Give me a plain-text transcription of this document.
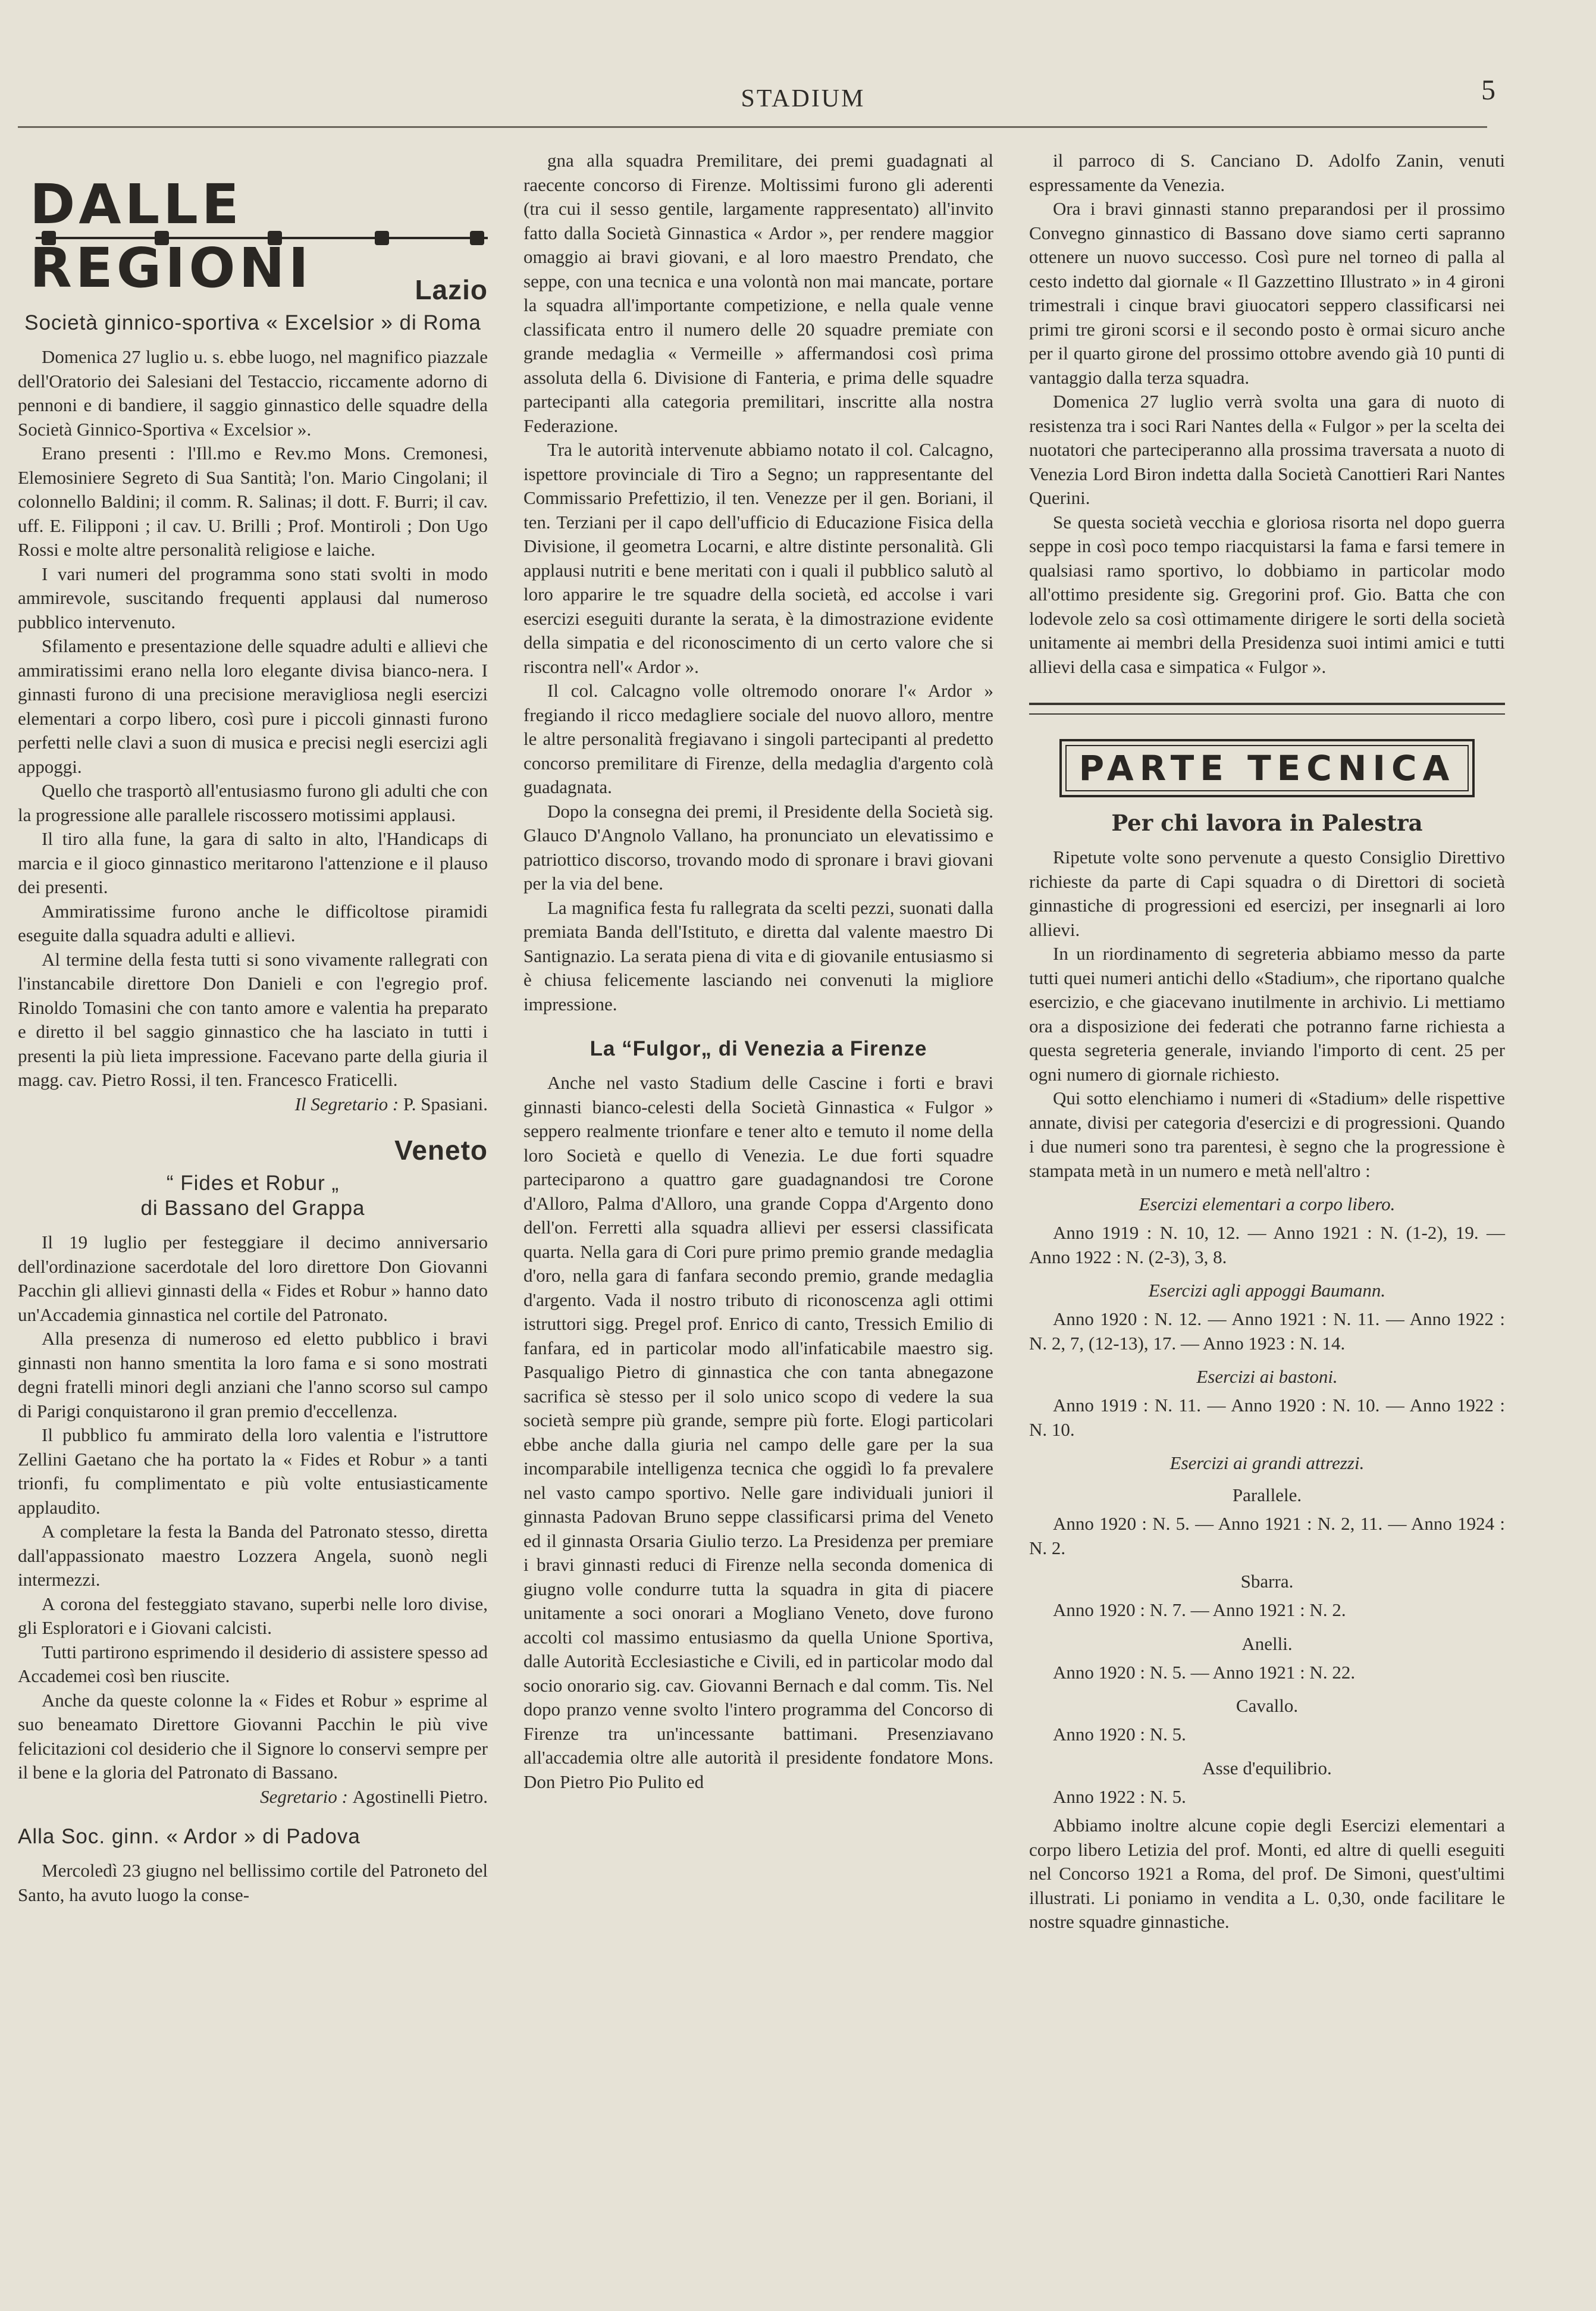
STADIUM	5
DALLE REGIONI	Lazio
Società ginnico-sportiva « Excelsior » di Roma

Domenica 27 luglio u. s. ebbe luogo, nel magnifico piazzale dell'Oratorio dei Salesiani del Testaccio, riccamente adorno di pennoni e di bandiere, il saggio ginnastico delle squadre della Società Ginnico-Sportiva « Excelsior ».

Erano presenti : l'Ill.mo e Rev.mo Mons. Cremonesi, Elemosiniere Segreto di Sua Santità; l'on. Mario Cingolani; il colonnello Baldini; il comm. R. Salinas; il dott. F. Burri; il cav. uff. E. Filipponi ; il cav. U. Brilli ; Prof. Montiroli ; Don Ugo Rossi e molte altre personalità religiose e laiche.

I vari numeri del programma sono stati svolti in modo ammirevole, suscitando frequenti applausi dal numeroso pubblico intervenuto.

Sfilamento e presentazione delle squadre adulti e allievi che ammiratissimi erano nella loro elegante divisa bianco-nera. I ginnasti furono di una precisione meravigliosa negli esercizi elementari a corpo libero, così pure i piccoli ginnasti furono perfetti nelle clavi a suon di musica e precisi negli esercizi agli appoggi.

Quello che trasportò all'entusiasmo furono gli adulti che con la progressione alle parallele riscossero motissimi applausi.

Il tiro alla fune, la gara di salto in alto, l'Handicaps di marcia e il gioco ginnastico meritarono l'attenzione e il plauso dei presenti.

Ammiratissime furono anche le difficoltose piramidi eseguite dalla squadra adulti e allievi.

Al termine della festa tutti si sono vivamente rallegrati con l'instancabile direttore Don Danieli e con l'egregio prof. Rinoldo Tomasini che con tanto amore e valentia ha preparato e diretto il bel saggio ginnastico che ha lasciato in tutti i presenti la più lieta impressione. Facevano parte della giuria il magg. cav. Pietro Rossi, il ten. Francesco Fraticelli.

Il Segretario : P. Spasiani.

Veneto
“ Fides et Robur „
di Bassano del Grappa

Il 19 luglio per festeggiare il decimo anniversario dell'ordinazione sacerdotale del loro direttore Don Giovanni Pacchin gli allievi ginnasti della « Fides et Robur » hanno dato un'Accademia ginnastica nel cortile del Patronato.

Alla presenza di numeroso ed eletto pubblico i bravi ginnasti non hanno smentita la loro fama e si sono mostrati degni fratelli minori degli anziani che l'anno scorso sul campo di Parigi conquistarono il gran premio d'eccellenza.

Il pubblico fu ammirato della loro valentia e l'istruttore Zellini Gaetano che ha portato la « Fides et Robur » a tanti trionfi, fu complimentato e più volte entusiasticamente applaudito.

A completare la festa la Banda del Patronato stesso, diretta dall'appassionato maestro Lozzera Angela, suonò negli intermezzi.

A corona del festeggiato stavano, superbi nelle loro divise, gli Esploratori e i Giovani calcisti.

Tutti partirono esprimendo il desiderio di assistere spesso ad Accademei così ben riuscite.

Anche da queste colonne la « Fides et Robur » esprime al suo beneamato Direttore Giovanni Pacchin le più vive felicitazioni col desiderio che il Signore lo conservi sempre per il bene e la gloria del Patronato di Bassano.

Segretario : Agostinelli Pietro.

Alla Soc. ginn. « Ardor » di Padova

Mercoledì 23 giugno nel bellissimo cortile del Patroneto del Santo, ha avuto luogo la conse-

gna alla squadra Premilitare, dei premi guadagnati al raecente concorso di Firenze. Moltissimi furono gli aderenti (tra cui il sesso gentile, largamente rappresentato) all'invito fatto dalla Società Ginnastica « Ardor », per rendere maggior omaggio ai bravi giovani, e al loro maestro Prendato, che seppe, con una tecnica e una volontà non mai mancate, portare la squadra all'importante competizione, e nella quale venne classificata entro il numero delle 20 squadre premiate con grande medaglia « Vermeille » affermandosi così prima assoluta della 6. Divisione di Fanteria, e prima delle squadre partecipanti alla categoria premilitari, inscritte alla nostra Federazione.

Tra le autorità intervenute abbiamo notato il col. Calcagno, ispettore provinciale di Tiro a Segno; un rappresentante del Commissario Prefettizio, il ten. Venezze per il gen. Boriani, il ten. Terziani per il capo dell'ufficio di Educazione Fisica della Divisione, il geometra Locarni, e altre distinte personalità. Gli applausi nutriti e bene meritati con i quali il pubblico salutò al loro apparire le tre squadre della società, ed accolse i vari esercizi eseguiti durante la serata, è la dimostrazione evidente della simpatia e del riconoscimento di un certo valore che si riscontra nell'« Ardor ».

Il col. Calcagno volle oltremodo onorare l'« Ardor » fregiando il ricco medagliere sociale del nuovo alloro, mentre le altre personalità fregiavano i singoli partecipanti al predetto concorso premilitare di Firenze, della medaglia d'argento colà guadagnata.

Dopo la consegna dei premi, il Presidente della Società sig. Glauco D'Angnolo Vallano, ha pronunciato un elevatissimo e patriottico discorso, trovando modo di spronare i bravi giovani per la via del bene.

La magnifica festa fu rallegrata da scelti pezzi, suonati dalla premiata Banda dell'Istituto, e diretta dal valente maestro Di Santignazio. La serata piena di vita e di giovanile entusiasmo si è chiusa felicemente lasciando nei convenuti la migliore impressione.

La “Fulgor„ di Venezia a Firenze

Anche nel vasto Stadium delle Cascine i forti e bravi ginnasti bianco-celesti della Società Ginnastica « Fulgor » seppero realmente trionfare e tener alto e temuto il nome della loro Società e quello di Venezia. Le due forti squadre parteciparono a quattro gare guadagnandosi tre Corone d'Alloro, Palma d'Alloro, una grande Coppa d'Argento dono dell'on. Ferretti alla squadra allievi per essersi classificata quarta. Nella gara di Cori pure primo premio grande medaglia d'oro, nella gara di fanfara secondo premio, grande medaglia d'argento. Vada il nostro tributo di riconoscenza agli ottimi istruttori sigg. Pregel prof. Enrico di canto, Tressich Emilio di fanfara, ed in particolar modo all'infaticabile maestro sig. Pasqualigo Pietro di ginnastica che con tanta abnegazone sacrifica sè stesso per il solo unico scopo di vedere la sua società sempre più grande, sempre più forte. Elogi particolari ebbe anche dalla giuria nel campo delle gare per la sua incomparabile intelligenza tecnica che oggidì lo fa prevalere nel vasto campo sportivo. Nelle gare individuali juniori il ginnasta Padovan Bruno seppe classificarsi prima del Veneto ed il ginnasta Orsaria Giulio terzo. La Presidenza per premiare i bravi ginnasti reduci di Firenze nella seconda domenica di giugno volle condurre tutta la squadra in gita di piacere unitamente a soci onorari a Mogliano Veneto, dove furono accolti col massimo entusiasmo da quella Unione Sportiva, dalle Autorità Ecclesiastiche e Civili, ed in particolar modo dal socio onorario sig. cav. Giovanni Bernach e dal comm. Tis. Nel dopo pranzo venne svolto l'intero programma del Concorso di Firenze tra un'incessante battimani. Presenziavano all'accademia oltre alle autorità il presidente fondatore Mons. Don Pietro Pio Pulito ed

il parroco di S. Canciano D. Adolfo Zanin, venuti espressamente da Venezia.

Ora i bravi ginnasti stanno preparandosi per il prossimo Convegno ginnastico di Bassano dove siamo certi sapranno ottenere un nuovo successo. Così pure nel torneo di palla al cesto indetto dal giornale « Il Gazzettino Illustrato » in 4 gironi trimestrali i cinque bravi giuocatori seppero classificarsi nei primi tre gironi scorsi e il secondo posto è ormai sicuro anche per il quarto girone del prossimo ottobre avendo già 10 punti di vantaggio dalla terza squadra.

Domenica 27 luglio verrà svolta una gara di nuoto di resistenza tra i soci Rari Nantes della « Fulgor » per la scelta dei nuotatori che parteciperanno alla prossima traversata a nuoto di Venezia Lord Biron indetta dalla Società Canottieri Rari Nantes Querini.

Se questa società vecchia e gloriosa risorta nel dopo guerra seppe in così poco tempo riacquistarsi la fama e farsi temere in qualsiasi ramo sportivo, lo dobbiamo in particolar modo all'ottimo presidente sig. Gregorini prof. Gio. Batta che con lodevole zelo sa così ottimamente dirigere le sorti della società unitamente ai membri della Presidenza suoi intimi amici e tutti allievi della casa e simpatica « Fulgor ».

PARTE TECNICA
Per chi lavora in Palestra

Ripetute volte sono pervenute a questo Consiglio Direttivo richieste da parte di Capi squadra o di Direttori di società ginnastiche di progressioni ed esercizi, per insegnarli ai loro allievi.

In un riordinamento di segreteria abbiamo messo da parte tutti quei numeri antichi dello «Stadium», che riportano qualche esercizio, e che giacevano inutilmente in archivio. Li mettiamo ora a disposizione dei federati che potranno farne richiesta a questa segreteria generale, inviando l'importo di cent. 25 per ogni numero di giornale richiesto.

Qui sotto elenchiamo i numeri di «Stadium» delle rispettive annate, divisi per categoria d'esercizi e di progressioni. Quando i due numeri sono tra parentesi, è segno che la progressione è stampata metà in un numero e metà nell'altro :

Esercizi elementari a corpo libero.

Anno 1919 : N. 10, 12. — Anno 1921 : N. (1-2), 19. — Anno 1922 : N. (2-3), 3, 8.

Esercizi agli appoggi Baumann.

Anno 1920 : N. 12. — Anno 1921 : N. 11. — Anno 1922 : N. 2, 7, (12-13), 17. — Anno 1923 : N. 14.

Esercizi ai bastoni.

Anno 1919 : N. 11. — Anno 1920 : N. 10. — Anno 1922 : N. 10.

Esercizi ai grandi attrezzi.
Parallele.

Anno 1920 : N. 5. — Anno 1921 : N. 2, 11. — Anno 1924 : N. 2.

Sbarra.

Anno 1920 : N. 7. — Anno 1921 : N. 2.

Anelli.

Anno 1920 : N. 5. — Anno 1921 : N. 22.

Cavallo.

Anno 1920 : N. 5.

Asse d'equilibrio.

Anno 1922 : N. 5.

Abbiamo inoltre alcune copie degli Esercizi elementari a corpo libero Letizia del prof. Monti, ed altre di quelli eseguiti nel Concorso 1921 a Roma, del prof. De Simoni, quest'ultimi illustrati. Li poniamo in vendita a L. 0,30, onde facilitare le nostre squadre ginnastiche.
